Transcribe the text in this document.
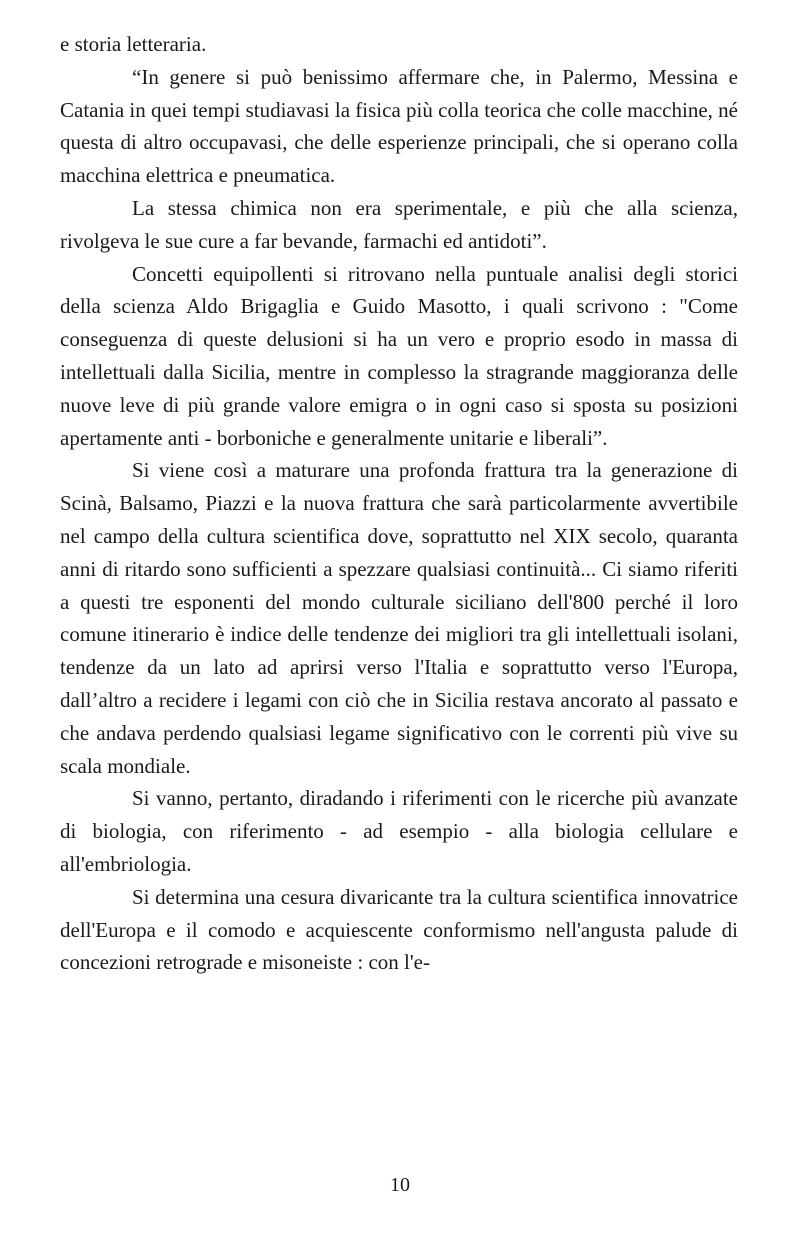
e storia letteraria.

“In genere si può benissimo affermare che, in Palermo, Messina e Catania in quei tempi studiavasi la fisica più colla teorica che colle macchine, né questa di altro occupavasi, che delle esperienze principali, che si operano colla macchina elettrica e pneumatica.

La stessa chimica non era sperimentale, e più che alla scienza, rivolgeva le sue cure a far bevande, farmachi ed antidoti”.

Concetti equipollenti si ritrovano nella puntuale analisi degli storici della scienza Aldo Brigaglia e Guido Masotto, i quali scrivono : "Come conseguenza di queste delusioni si ha un vero e proprio esodo in massa di intellettuali dalla Sicilia, mentre in complesso la stragrande maggioranza delle nuove leve di più grande valore emigra o in ogni caso si sposta su posizioni apertamente anti - borboniche e generalmente unitarie e liberali”.

Si viene così a maturare una profonda frattura tra la generazione di Scinà, Balsamo, Piazzi e la nuova frattura che sarà particolarmente avvertibile nel campo della cultura scientifica dove, soprattutto nel XIX secolo, quaranta anni di ritardo sono sufficienti a spezzare qualsiasi continuità... Ci siamo riferiti a questi tre esponenti del mondo culturale siciliano dell'800 perché il loro comune itinerario è indice delle tendenze dei migliori tra gli intellettuali isolani, tendenze da un lato ad aprirsi verso l'Italia e soprattutto verso l'Europa, dall’altro a recidere i legami con ciò che in Sicilia restava ancorato al passato e che andava perdendo qualsiasi legame significativo con le correnti più vive su scala mondiale.

Si vanno, pertanto, diradando i riferimenti con le ricerche più avanzate di biologia, con riferimento - ad esempio - alla biologia cellulare e all'embriologia.

Si determina una cesura divaricante tra la cultura scientifica innovatrice dell'Europa e il comodo e acquiescente conformismo nell'angusta palude di concezioni retrograde e misoneiste : con l'e-

10
